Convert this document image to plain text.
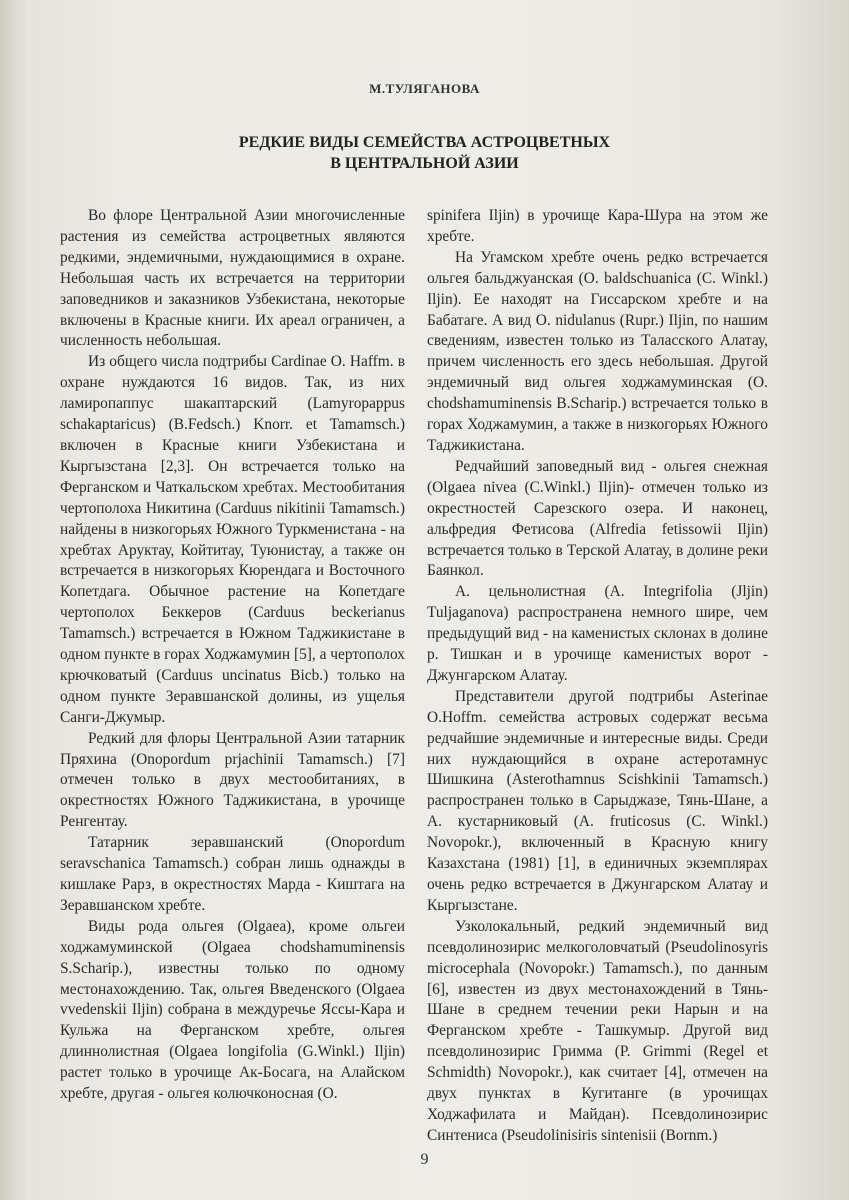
М.ТУЛЯГАНОВА
РЕДКИЕ ВИДЫ СЕМЕЙСТВА АСТРОЦВЕТНЫХ
В ЦЕНТРАЛЬНОЙ АЗИИ

Во флоре Центральной Азии многочисленные растения из семейства астроцветных являются редкими, эндемичными, нуждающимися в охране. Небольшая часть их встречается на территории заповедников и заказников Узбекистана, некоторые включены в Красные книги. Их ареал ограничен, а численность небольшая.

Из общего числа подтрибы Cardinae O. Haffm. в охране нуждаются 16 видов. Так, из них ламиропаппус шакаптарский (Lamyropappus schakaptaricus) (B.Fedsch.) Knorr. et Tamamsch.) включен в Красные книги Узбекистана и Кыргызстана [2,3]. Он встречается только на Ферганском и Чаткальском хребтах. Местообитания чертополоха Никитина (Carduus nikitinii Tamamsch.) найдены в низкогорьях Южного Туркменистана - на хребтах Аруктау, Койтитау, Туюнистау, а также он встречается в низкогорьях Кюрендага и Восточного Копетдага. Обычное растение на Копетдаге чертополох Беккеров (Carduus beckerianus Tamamsch.) встречается в Южном Таджикистане в одном пункте в горах Ходжамумин [5], а чертополох крючковатый (Carduus uncinatus Bicb.) только на одном пункте Зеравшанской долины, из ущелья Санги-Джумыр.

Редкий для флоры Центральной Азии татарник Пряхина (Onopordum prjachinii Tamamsch.) [7] отмечен только в двух местообитаниях, в окрестностях Южного Таджикистана, в урочище Ренгентау.

Татарник зеравшанский (Onopordum seravschanica Tamamsch.) собран лишь однажды в кишлаке Рарз, в окрестностях Марда - Киштага на Зеравшанском хребте.

Виды рода ольгея (Olgaea), кроме ольгеи ходжамуминской (Olgaea chodshamuminensis S.Scharip.), известны только по одному местонахождению. Так, ольгея Введенского (Olgaea vvedenskii Iljin) собрана в междуречье Яссы-Кара и Кульжа на Ферганском хребте, ольгея длиннолистная (Olgaea longifolia (G.Winkl.) Iljin) растет только в урочище Ак-Босага, на Алайском хребте, другая - ольгея колючконосная (O.

spinifera Iljin) в урочище Кара-Шура на этом же хребте.

На Угамском хребте очень редко встречается ольгея бальджуанская (O. baldschuanica (C. Winkl.) Iljin). Ее находят на Гиссарском хребте и на Бабатаге. А вид O. nidulanus (Rupr.) Iljin, по нашим сведениям, известен только из Таласского Алатау, причем численность его здесь небольшая. Другой эндемичный вид ольгея ходжамуминская (O. chodshamuminensis B.Scharip.) встречается только в горах Ходжамумин, а также в низкогорьях Южного Таджикистана.

Редчайший заповедный вид - ольгея снежная (Olgaea nivea (C.Winkl.) Iljin)- отмечен только из окрестностей Сарезского озера. И наконец, альфредия Фетисова (Alfredia fetissowii Iljin) встречается только в Терской Алатау, в долине реки Баянкол.

А. цельнолистная (A. Integrifolia (Jljin) Tuljaganova) распространена немного шире, чем предыдущий вид - на каменистых склонах в долине р. Тишкан и в урочище каменистых ворот - Джунгарском Алатау.

Представители другой подтрибы Asterinae O.Hoffm. семейства астровых содержат весьма редчайшие эндемичные и интересные виды. Среди них нуждающийся в охране астеротамнус Шишкина (Asterothamnus Scishkinii Tamamsch.) распространен только в Сарыджазе, Тянь-Шане, а А. кустарниковый (A. fruticosus (C. Winkl.) Novopokr.), включенный в Красную книгу Казахстана (1981) [1], в единичных экземплярах очень редко встречается в Джунгарском Алатау и Кыргызстане.

Узколокальный, редкий эндемичный вид псевдолинозирис мелкоголовчатый (Pseudolinosyris microcephala (Novopokr.) Tamamsch.), по данным [6], известен из двух местонахождений в Тянь-Шане в среднем течении реки Нарын и на Ферганском хребте - Ташкумыр. Другой вид псевдолинозирис Гримма (P. Grimmi (Regel et Schmidth) Novopokr.), как считает [4], отмечен на двух пунктах в Кугитанге (в урочищах Ходжафилата и Майдан). Псевдолинозирис Синтениса (Pseudolinisiris sintenisii (Bornm.)

9
